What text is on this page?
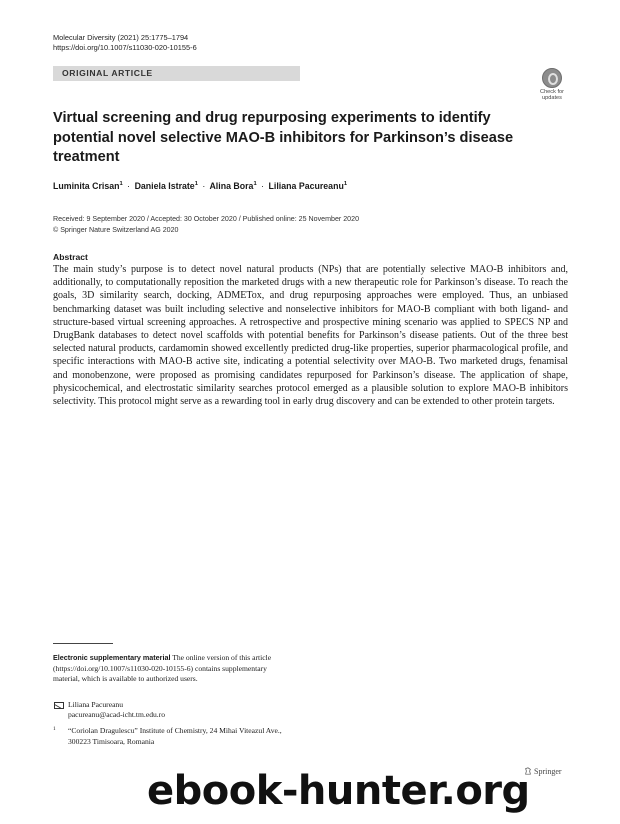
Molecular Diversity (2021) 25:1775–1794
https://doi.org/10.1007/s11030-020-10155-6
ORIGINAL ARTICLE
Check for updates
Virtual screening and drug repurposing experiments to identify potential novel selective MAO-B inhibitors for Parkinson’s disease treatment
Luminita Crisan$^1$ · Daniela Istrate$^1$ · Alina Bora$^1$ · Liliana Pacureanu$^1$
Received: 9 September 2020 / Accepted: 30 October 2020 / Published online: 25 November 2020
© Springer Nature Switzerland AG 2020
Abstract
The main study’s purpose is to detect novel natural products (NPs) that are potentially selective MAO-B inhibitors and, additionally, to computationally reposition the marketed drugs with a new therapeutic role for Parkinson’s disease. To reach the goals, 3D similarity search, docking, ADMETox, and drug repurposing approaches were employed. Thus, an unbiased benchmarking dataset was built including selective and nonselective inhibitors for MAO-B compliant with both ligand- and structure-based virtual screening approaches. A retrospective and prospective mining scenario was applied to SPECS NP and DrugBank databases to detect novel scaffolds with potential benefits for Parkinson’s disease patients. Out of the three best selected natural products, cardamomin showed excellently predicted drug-like properties, superior pharmacological profile, and specific interactions with MAO-B active site, indicating a potential selectivity over MAO-B. Two marketed drugs, fenamisal and monobenzone, were proposed as promising candidates repurposed for Parkinson’s disease. The application of shape, physicochemical, and electrostatic similarity searches protocol emerged as a plausible solution to explore MAO-B inhibitors selectivity. This protocol might serve as a rewarding tool in early drug discovery and can be extended to other protein targets.
Electronic supplementary material The online version of this article (https://doi.org/10.1007/s11030-020-10155-6) contains supplementary material, which is available to authorized users.
Liliana Pacureanu
pacureanu@acad-icht.tm.edu.ro
1	“Coriolan Dragulescu” Institute of Chemistry, 24 Mihai Viteazul Ave., 300223 Timisoara, Romania
Springer
ebook-hunter.org
